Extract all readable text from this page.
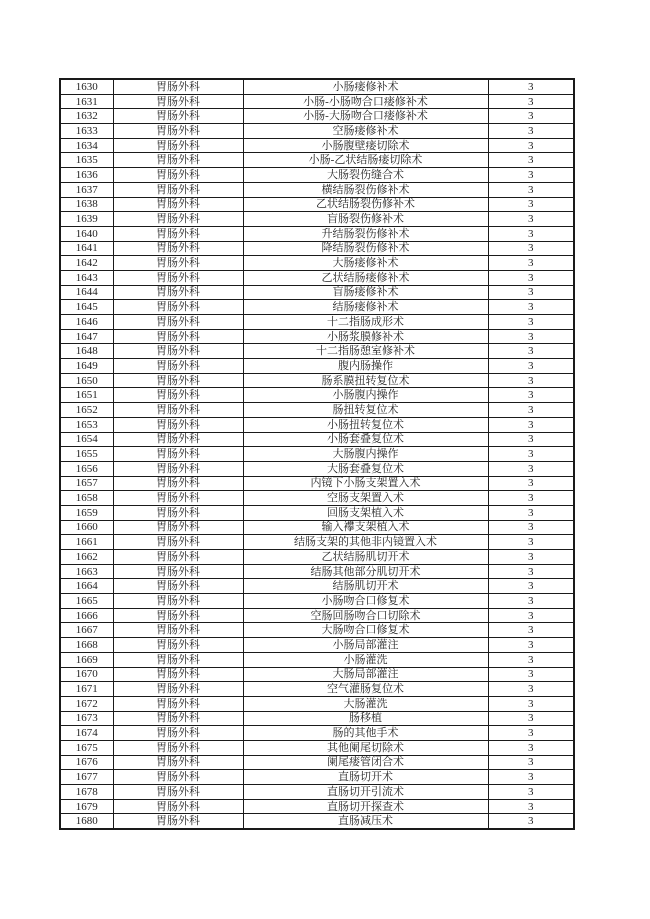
1630	胃肠外科	小肠瘘修补术	3
1631	胃肠外科	小肠-小肠吻合口瘘修补术	3
1632	胃肠外科	小肠-大肠吻合口瘘修补术	3
1633	胃肠外科	空肠瘘修补术	3
1634	胃肠外科	小肠腹壁瘘切除术	3
1635	胃肠外科	小肠-乙状结肠瘘切除术	3
1636	胃肠外科	大肠裂伤缝合术	3
1637	胃肠外科	横结肠裂伤修补术	3
1638	胃肠外科	乙状结肠裂伤修补术	3
1639	胃肠外科	盲肠裂伤修补术	3
1640	胃肠外科	升结肠裂伤修补术	3
1641	胃肠外科	降结肠裂伤修补术	3
1642	胃肠外科	大肠瘘修补术	3
1643	胃肠外科	乙状结肠瘘修补术	3
1644	胃肠外科	盲肠瘘修补术	3
1645	胃肠外科	结肠瘘修补术	3
1646	胃肠外科	十二指肠成形术	3
1647	胃肠外科	小肠浆膜修补术	3
1648	胃肠外科	十二指肠憩室修补术	3
1649	胃肠外科	腹内肠操作	3
1650	胃肠外科	肠系膜扭转复位术	3
1651	胃肠外科	小肠腹内操作	3
1652	胃肠外科	肠扭转复位术	3
1653	胃肠外科	小肠扭转复位术	3
1654	胃肠外科	小肠套叠复位术	3
1655	胃肠外科	大肠腹内操作	3
1656	胃肠外科	大肠套叠复位术	3
1657	胃肠外科	内镜下小肠支架置入术	3
1658	胃肠外科	空肠支架置入术	3
1659	胃肠外科	回肠支架植入术	3
1660	胃肠外科	输入襻支架植入术	3
1661	胃肠外科	结肠支架的其他非内镜置入术	3
1662	胃肠外科	乙状结肠肌切开术	3
1663	胃肠外科	结肠其他部分肌切开术	3
1664	胃肠外科	结肠肌切开术	3
1665	胃肠外科	小肠吻合口修复术	3
1666	胃肠外科	空肠回肠吻合口切除术	3
1667	胃肠外科	大肠吻合口修复术	3
1668	胃肠外科	小肠局部灌注	3
1669	胃肠外科	小肠灌洗	3
1670	胃肠外科	大肠局部灌注	3
1671	胃肠外科	空气灌肠复位术	3
1672	胃肠外科	大肠灌洗	3
1673	胃肠外科	肠移植	3
1674	胃肠外科	肠的其他手术	3
1675	胃肠外科	其他阑尾切除术	3
1676	胃肠外科	阑尾瘘管闭合术	3
1677	胃肠外科	直肠切开术	3
1678	胃肠外科	直肠切开引流术	3
1679	胃肠外科	直肠切开探查术	3
1680	胃肠外科	直肠减压术	3
